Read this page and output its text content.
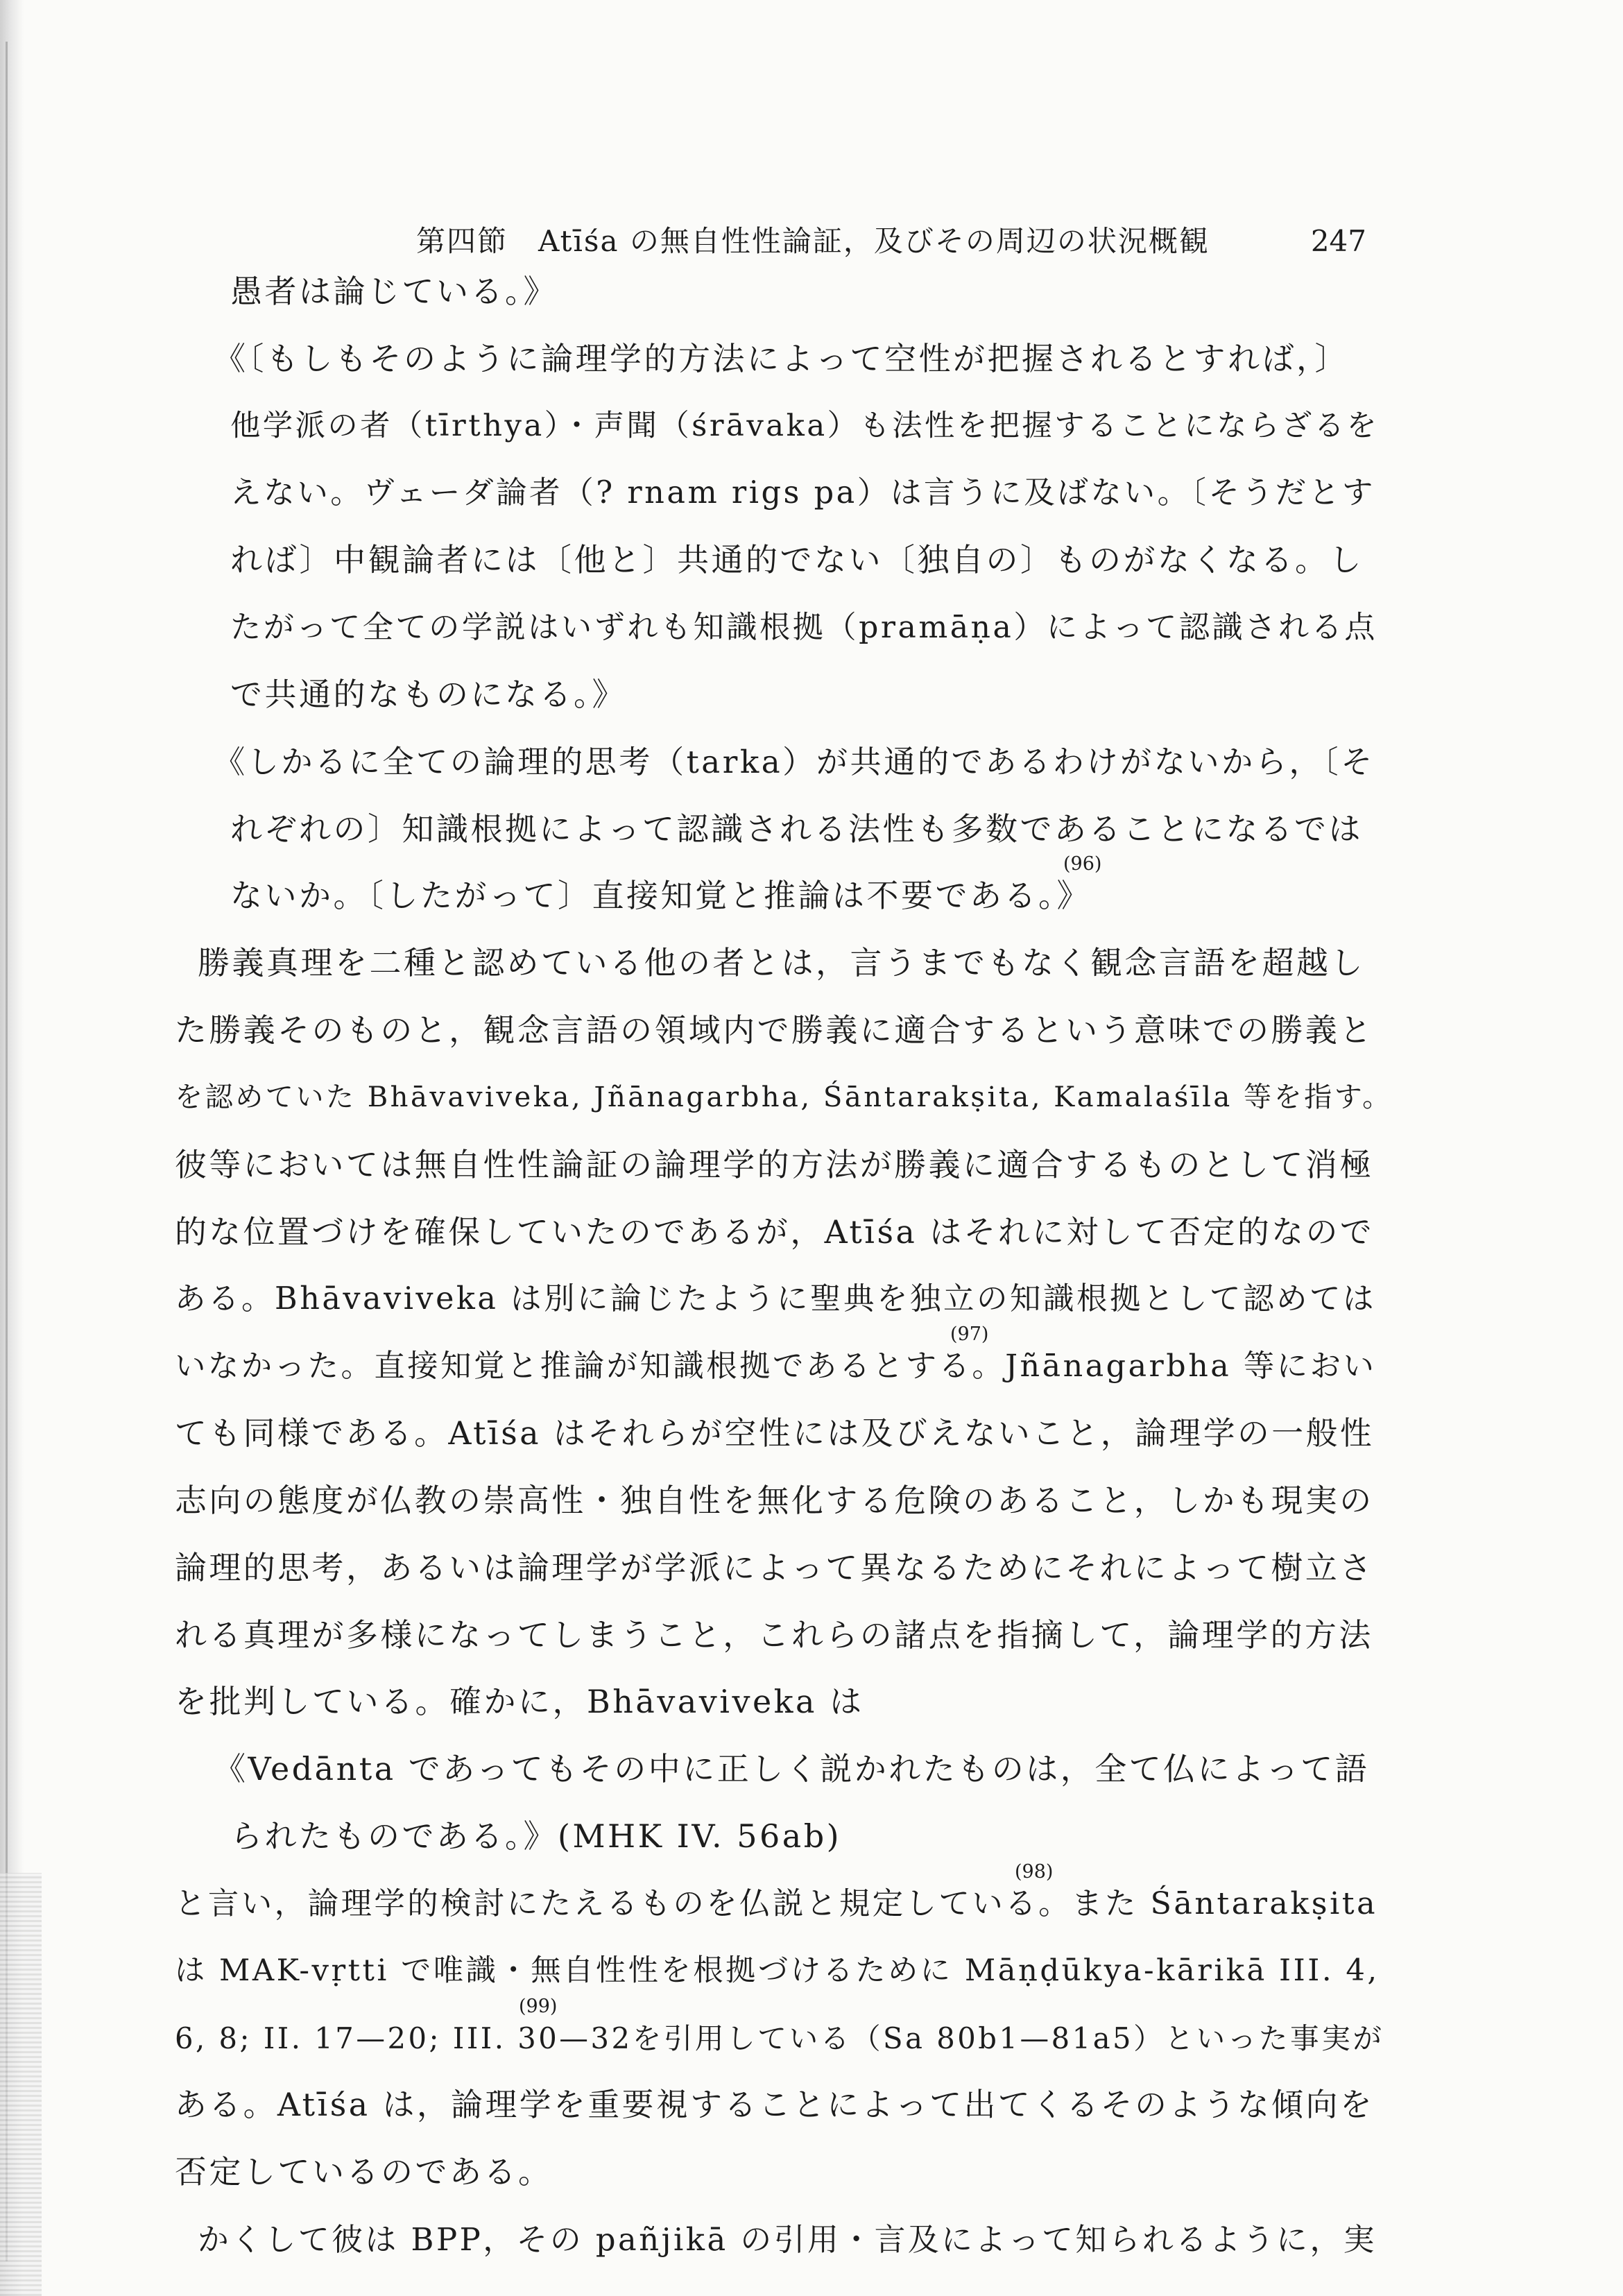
第四節　Atīśa の無自性性論証，及びその周辺の状況概観	247
愚者は論じている。》
《〔もしもそのように論理学的方法によって空性が把握されるとすれば，〕
他学派の者（tīrthya）・声聞（śrāvaka）も法性を把握することにならざるを
えない。ヴェーダ論者（? rnam rigs pa）は言うに及ばない。〔そうだとす
れば〕中観論者には〔他と〕共通的でない〔独自の〕ものがなくなる。し
たがって全ての学説はいずれも知識根拠（pramāṇa）によって認識される点
で共通的なものになる。》
《しかるに全ての論理的思考（tarka）が共通的であるわけがないから，〔そ
れぞれの〕知識根拠によって認識される法性も多数であることになるでは
ないか。〔したがって〕直接知覚と推論は不要である。》
勝義真理を二種と認めている他の者とは，言うまでもなく観念言語を超越し
た勝義そのものと，観念言語の領域内で勝義に適合するという意味での勝義と
を認めていた Bhāvaviveka, Jñānagarbha, Śāntarakṣita, Kamalaśīla 等を指す。
彼等においては無自性性論証の論理学的方法が勝義に適合するものとして消極
的な位置づけを確保していたのであるが，Atīśa はそれに対して否定的なので
ある。Bhāvaviveka は別に論じたように聖典を独立の知識根拠として認めては
いなかった。直接知覚と推論が知識根拠であるとする。Jñānagarbha 等におい
ても同様である。Atīśa はそれらが空性には及びえないこと，論理学の一般性
志向の態度が仏教の崇高性・独自性を無化する危険のあること，しかも現実の
論理的思考，あるいは論理学が学派によって異なるためにそれによって樹立さ
れる真理が多様になってしまうこと，これらの諸点を指摘して，論理学的方法
を批判している。確かに，Bhāvaviveka は
《Vedānta であってもその中に正しく説かれたものは，全て仏によって語
られたものである。》(MHK IV. 56ab)
と言い，論理学的検討にたえるものを仏説と規定している。また Śāntarakṣita
は MAK-vṛtti で唯識・無自性性を根拠づけるために Māṇḍūkya-kārikā III. 4,
6, 8; II. 17—20; III. 30—32を引用している（Sa 80b1—81a5）といった事実が
ある。Atīśa は，論理学を重要視することによって出てくるそのような傾向を
否定しているのである。
かくして彼は BPP，その pañjikā の引用・言及によって知られるように，実
(96)
(97)
(98)
(99)
